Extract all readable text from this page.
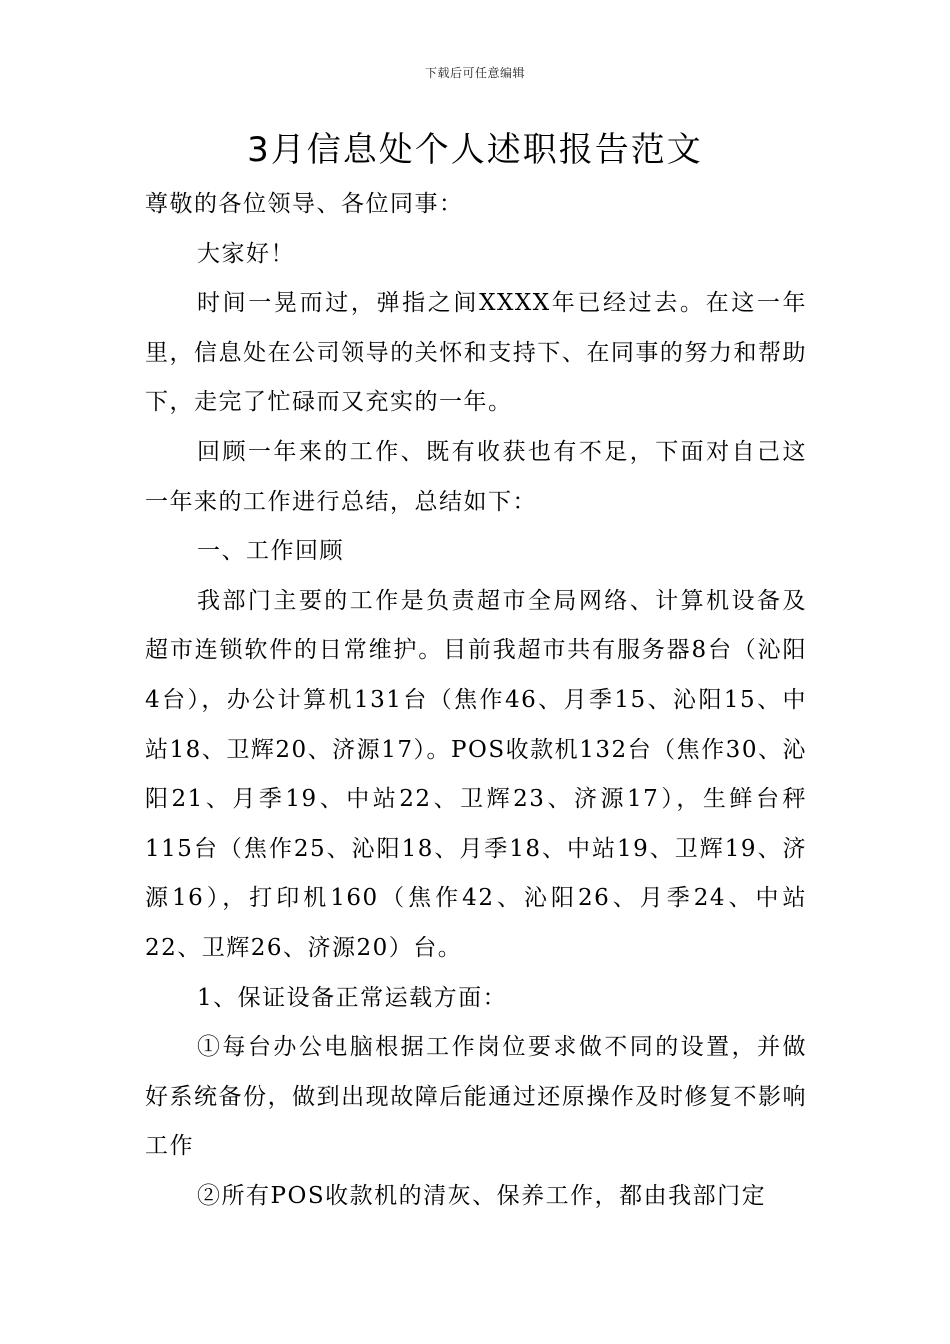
下载后可任意编辑
3月信息处个人述职报告范文

尊敬的各位领导、各位同事：

大家好！

时间一晃而过，弹指之间XXXX年已经过去。在这一年里，信息处在公司领导的关怀和支持下、在同事的努力和帮助下，走完了忙碌而又充实的一年。

回顾一年来的工作、既有收获也有不足，下面对自己这一年来的工作进行总结，总结如下：

一、工作回顾

我部门主要的工作是负责超市全局网络、计算机设备及超市连锁软件的日常维护。目前我超市共有服务器8台（沁阳4台），办公计算机131台（焦作46、月季15、沁阳15、中站18、卫辉20、济源17）。POS收款机132台（焦作30、沁阳21、月季19、中站22、卫辉23、济源17），生鲜台秤115台（焦作25、沁阳18、月季18、中站19、卫辉19、济源16），打印机160（焦作42、沁阳26、月季24、中站22、卫辉26、济源20）台。

1、保证设备正常运载方面：

①每台办公电脑根据工作岗位要求做不同的设置，并做好系统备份，做到出现故障后能通过还原操作及时修复不影响工作

②所有POS收款机的清灰、保养工作，都由我部门定
